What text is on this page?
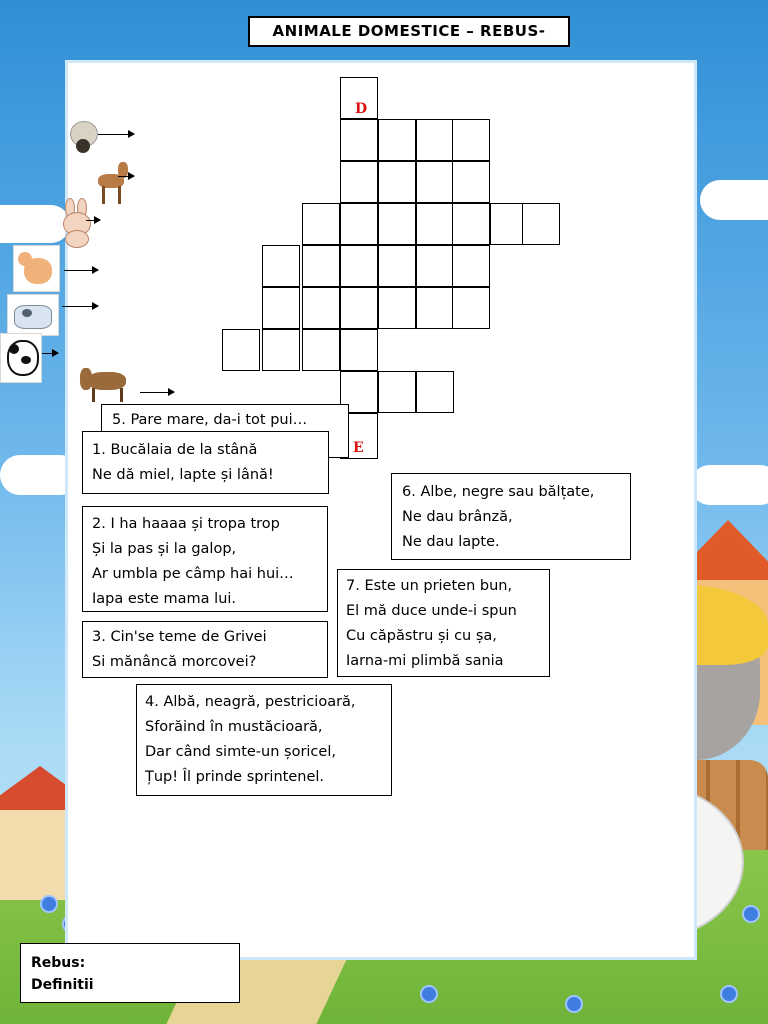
ANIMALE DOMESTICE – REBUS-
D
E
5. Pare mare, da-i tot pui…
1. Bucălaia de la stână
Ne dă miel, lapte și lână!
6. Albe, negre sau bălțate,
Ne dau brânză,
Ne dau lapte.
2. I ha haaaa și tropa trop
Și la pas și la galop,
Ar umbla pe câmp hai hui…
Iapa este mama lui.
7. Este un prieten bun,
El mă duce unde-i spun
Cu căpăstru și cu șa,
Iarna-mi plimbă sania
3. Cin'se teme de Grivei
Si mănâncă morcovei?
4. Albă, neagră, pestricioară,
Sforăind în mustăcioară,
Dar când simte-un șoricel,
Țup! Îl prinde sprintenel.
Rebus:
Definitii
